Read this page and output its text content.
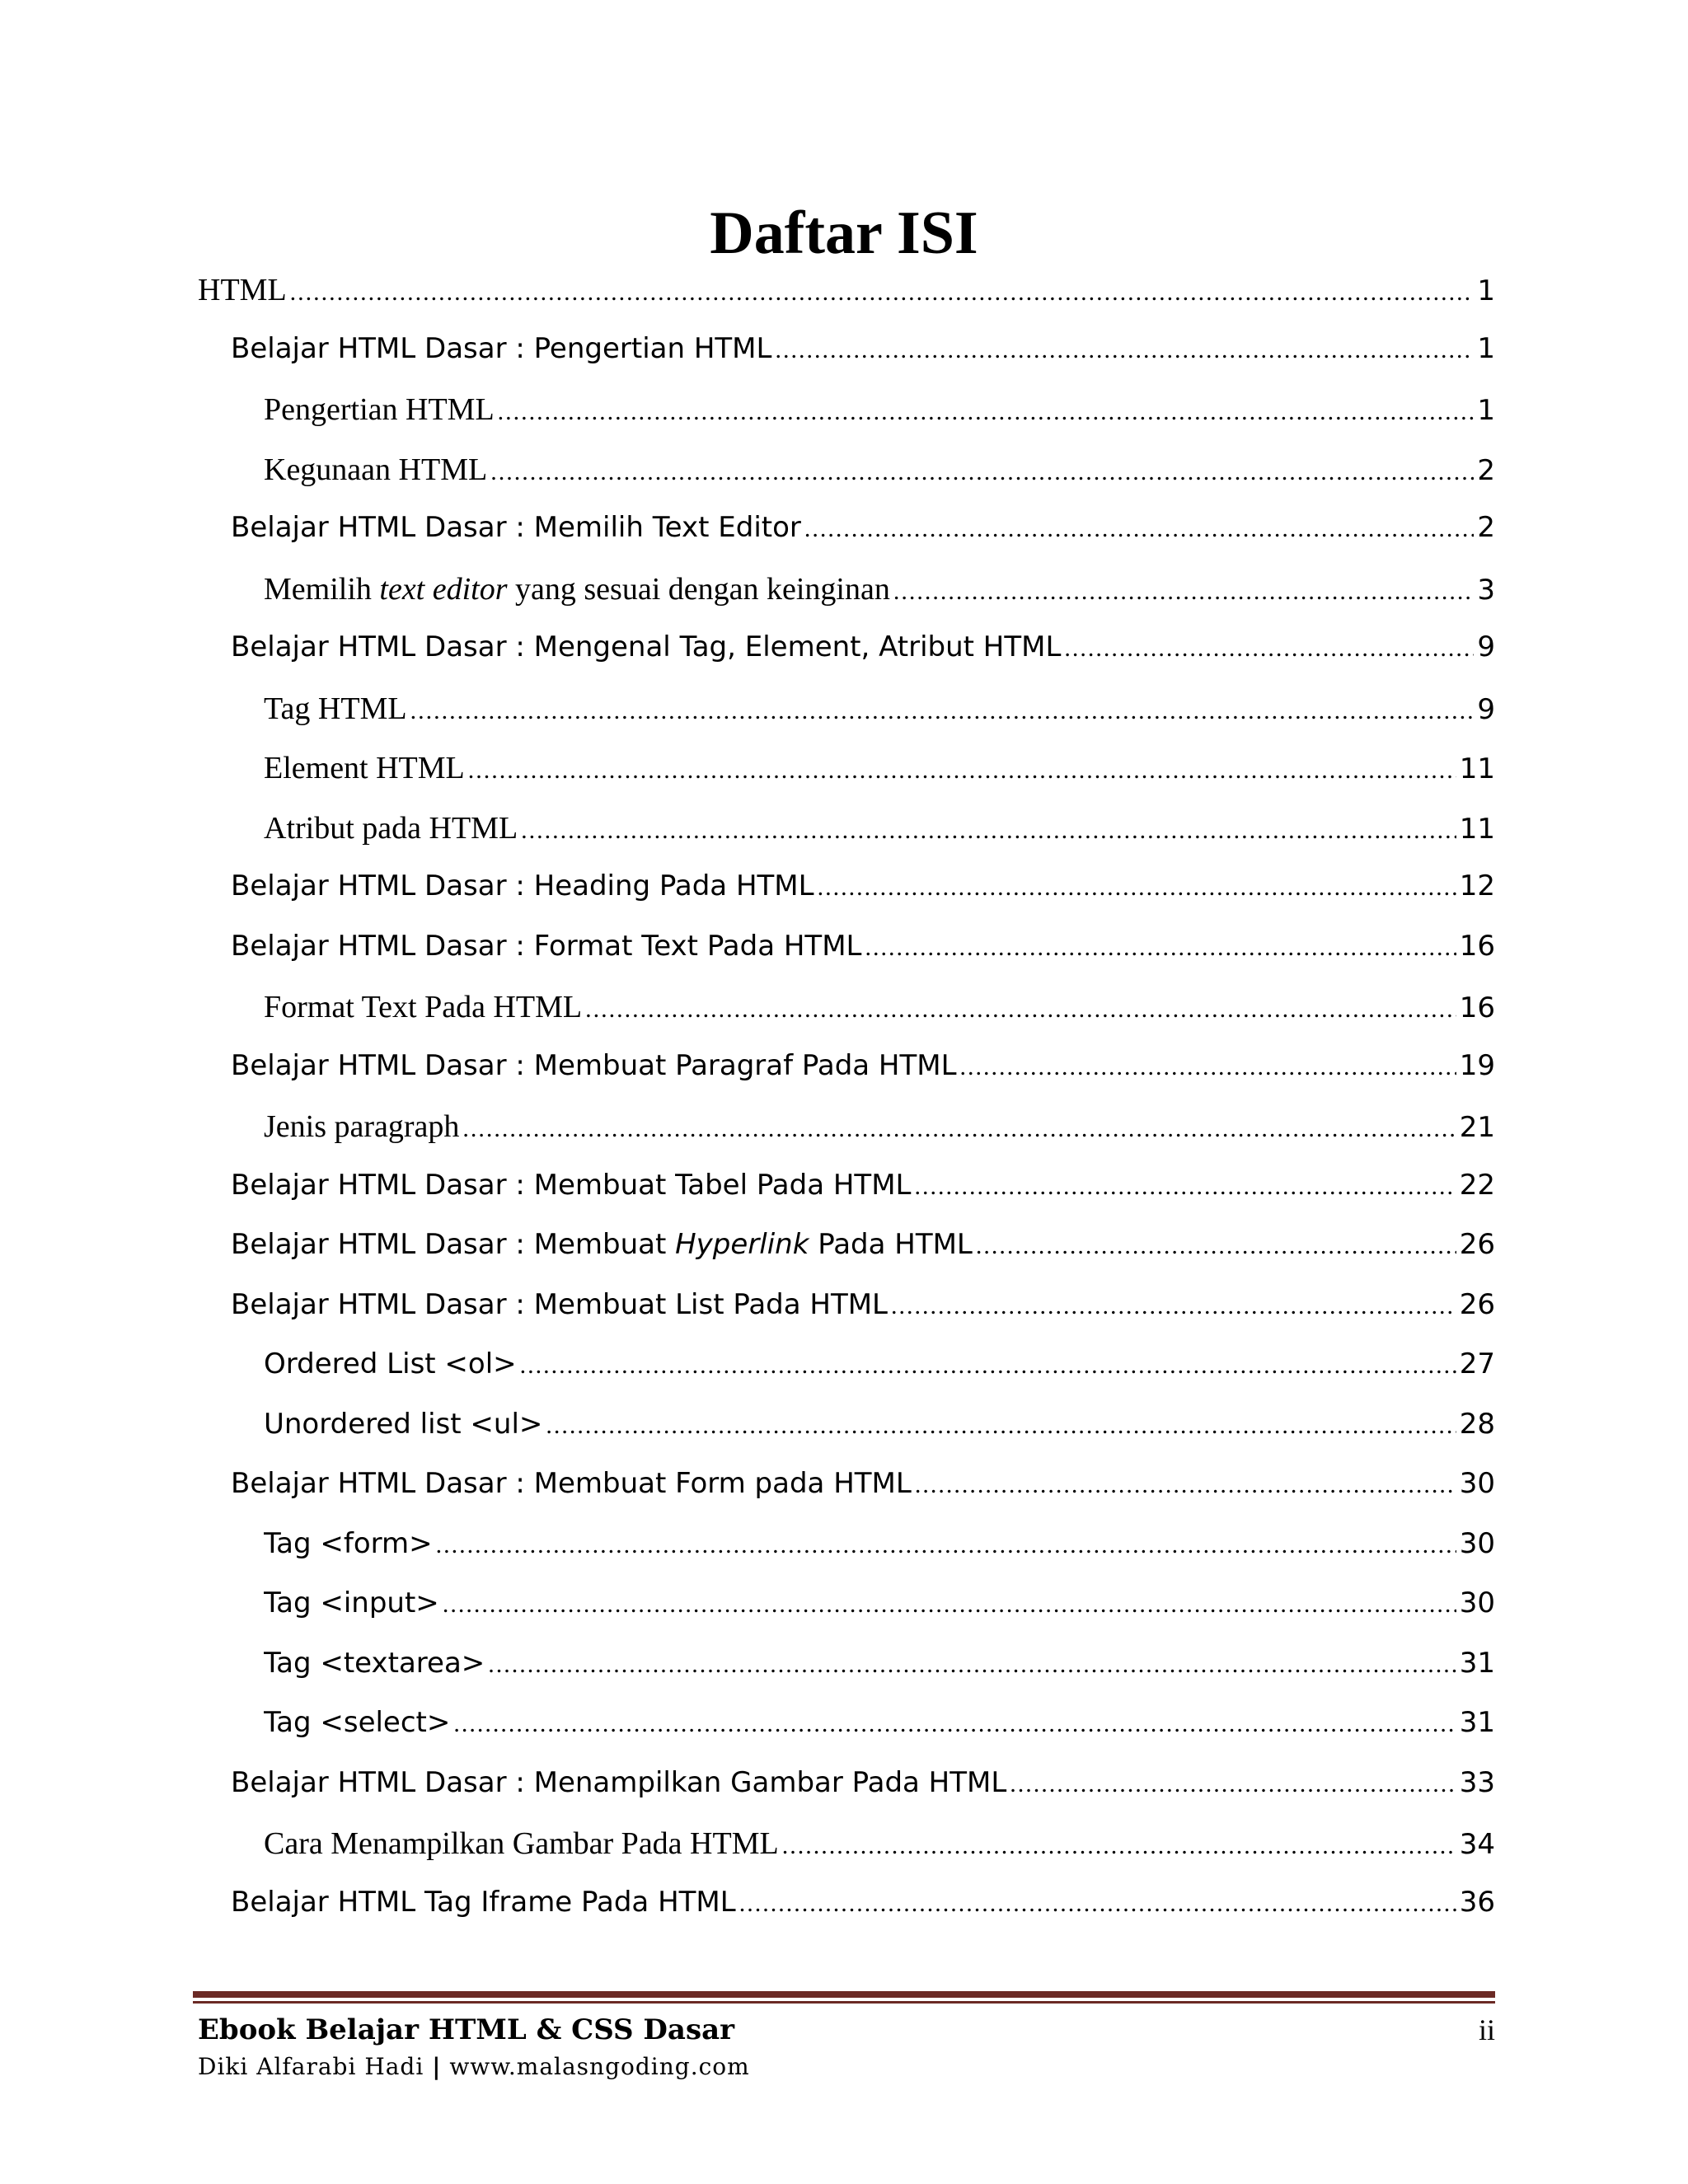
Daftar ISI
HTML .....	1
Belajar HTML Dasar : Pengertian HTML .....	1
Pengertian HTML .....	1
Kegunaan HTML .....	2
Belajar HTML Dasar : Memilih Text Editor .....	2
Memilih text editor yang sesuai dengan keinginan .....	3
Belajar HTML Dasar : Mengenal Tag, Element, Atribut HTML .....	9
Tag HTML .....	9
Element HTML .....	11
Atribut pada HTML .....	11
Belajar HTML Dasar : Heading Pada HTML .....	12
Belajar HTML Dasar : Format Text Pada HTML .....	16
Format Text Pada HTML .....	16
Belajar HTML Dasar : Membuat Paragraf Pada HTML .....	19
Jenis paragraph .....	21
Belajar HTML Dasar : Membuat Tabel Pada HTML .....	22
Belajar HTML Dasar : Membuat Hyperlink Pada HTML .....	26
Belajar HTML Dasar : Membuat List Pada HTML .....	26
Ordered List <ol> .....	27
Unordered list <ul> .....	28
Belajar HTML Dasar : Membuat Form pada HTML .....	30
Tag <form> .....	30
Tag <input> .....	30
Tag <textarea> .....	31
Tag <select> .....	31
Belajar HTML Dasar : Menampilkan Gambar Pada HTML .....	33
Cara Menampilkan Gambar Pada HTML .....	34
Belajar HTML Tag Iframe Pada HTML .....	36
Ebook Belajar HTML & CSS Dasar	ii
Diki Alfarabi Hadi | www.malasngoding.com
